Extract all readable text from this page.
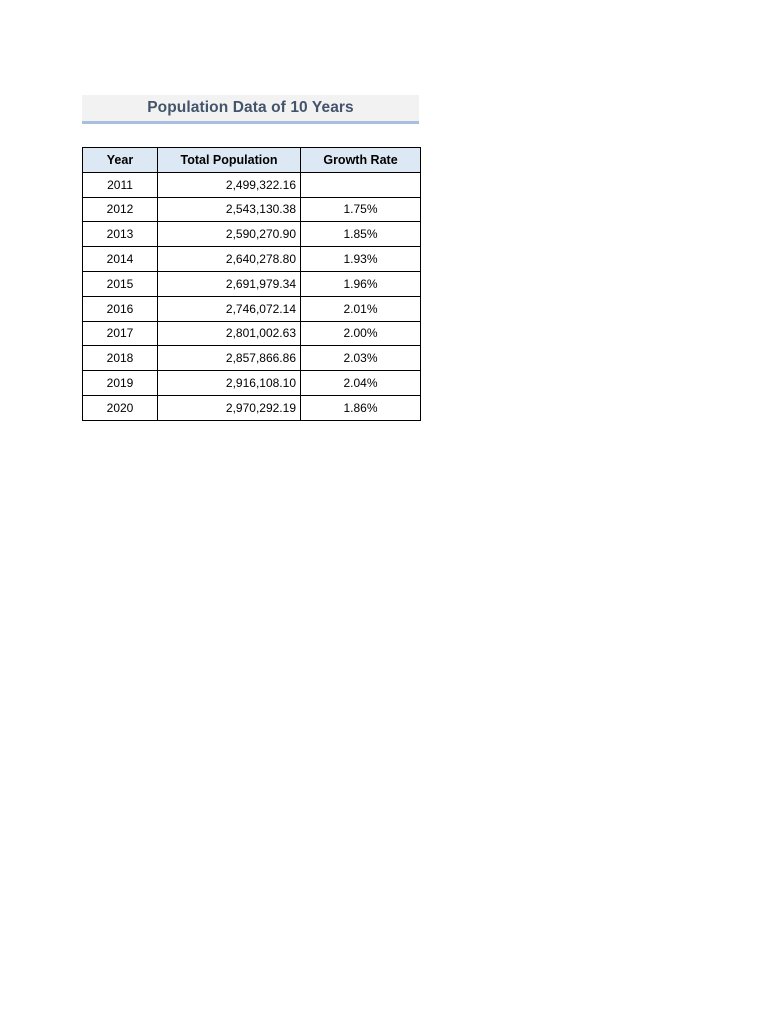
Population Data of 10 Years
Year	Total Population	Growth Rate
2011	2,499,322.16	
2012	2,543,130.38	1.75%
2013	2,590,270.90	1.85%
2014	2,640,278.80	1.93%
2015	2,691,979.34	1.96%
2016	2,746,072.14	2.01%
2017	2,801,002.63	2.00%
2018	2,857,866.86	2.03%
2019	2,916,108.10	2.04%
2020	2,970,292.19	1.86%
